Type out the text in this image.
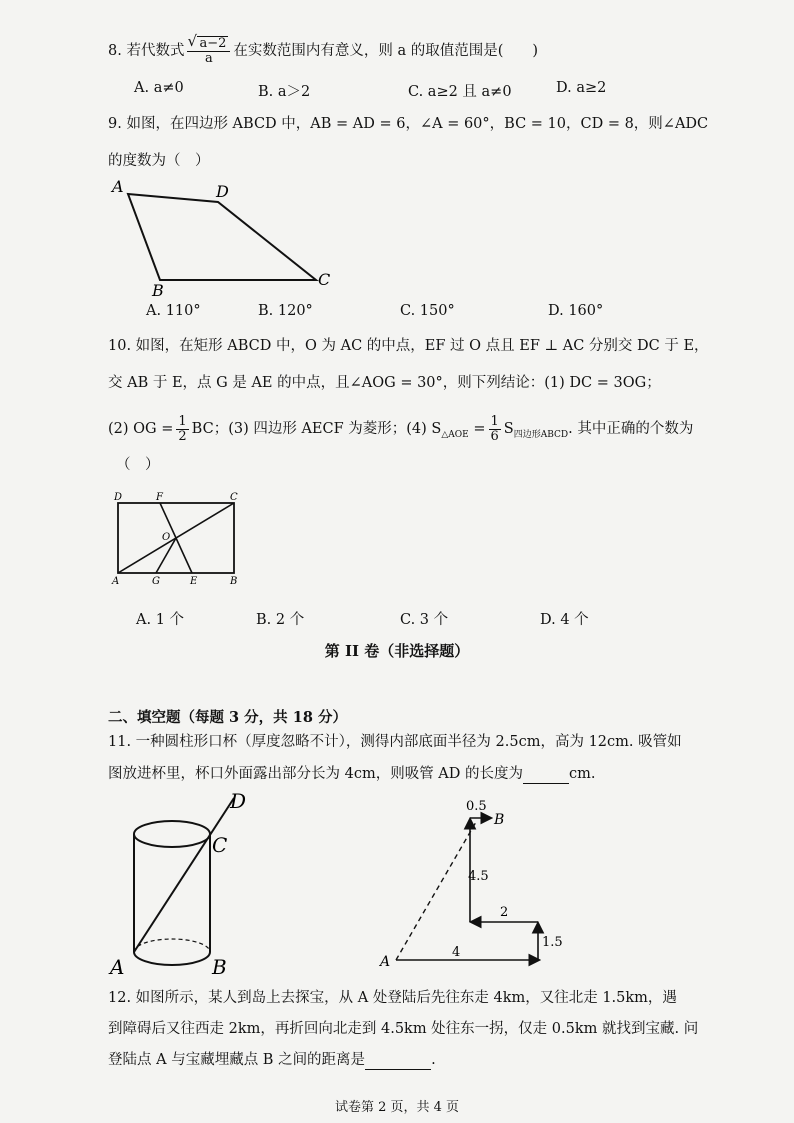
8. 若代数式
√ $\frac{a-2}{a}$ 在实数范围内有意义，则 a 的取值范围是(　　)
A. a≠0	B. a＞2	C. a≥2 且 a≠0	D. a≥2
9. 如图，在四边形 ABCD 中，AB = AD = 6，∠A = 60°，BC = 10，CD = 8，则∠ADC
的度数为（　）
A	D
C
B
A. 110°	B. 120°	C. 150°	D. 160°
10. 如图，在矩形 ABCD 中，O 为 AC 的中点，EF 过 O 点且 EF ⊥ AC 分别交 DC 于 E，
交 AB 于 E，点 G 是 AE 的中点，且∠AOG = 30°，则下列结论：(1) DC = 3OG；
(2) OG = $\frac{1}{2}$ BC；(3) 四边形 AECF 为菱形；(4) $S_{\triangle AOE} = \frac{1}{6} S_{四边形ABCD}$. 其中正确的个数为
（　）
D	F	C
O
A	G	E	B
A. 1 个	B. 2 个	C. 3 个	D. 4 个
第 II 卷（非选择题）
二、填空题（每题 3 分，共 18 分）
11. 一种圆柱形口杯（厚度忽略不计），测得内部底面半径为 2.5cm，高为 12cm. 吸管如
图放进杯里，杯口外面露出部分长为 4cm，则吸管 AD 的长度为	cm.
D
C
A	B
0.5
B
4.5
2
1.5
4
A
12. 如图所示，某人到岛上去探宝，从 A 处登陆后先往东走 4km，又往北走 1.5km，遇
到障碍后又往西走 2km，再折回向北走到 4.5km 处往东一拐，仅走 0.5km 就找到宝藏. 问
登陆点 A 与宝藏埋藏点 B 之间的距离是	.
试卷第 2 页，共 4 页
